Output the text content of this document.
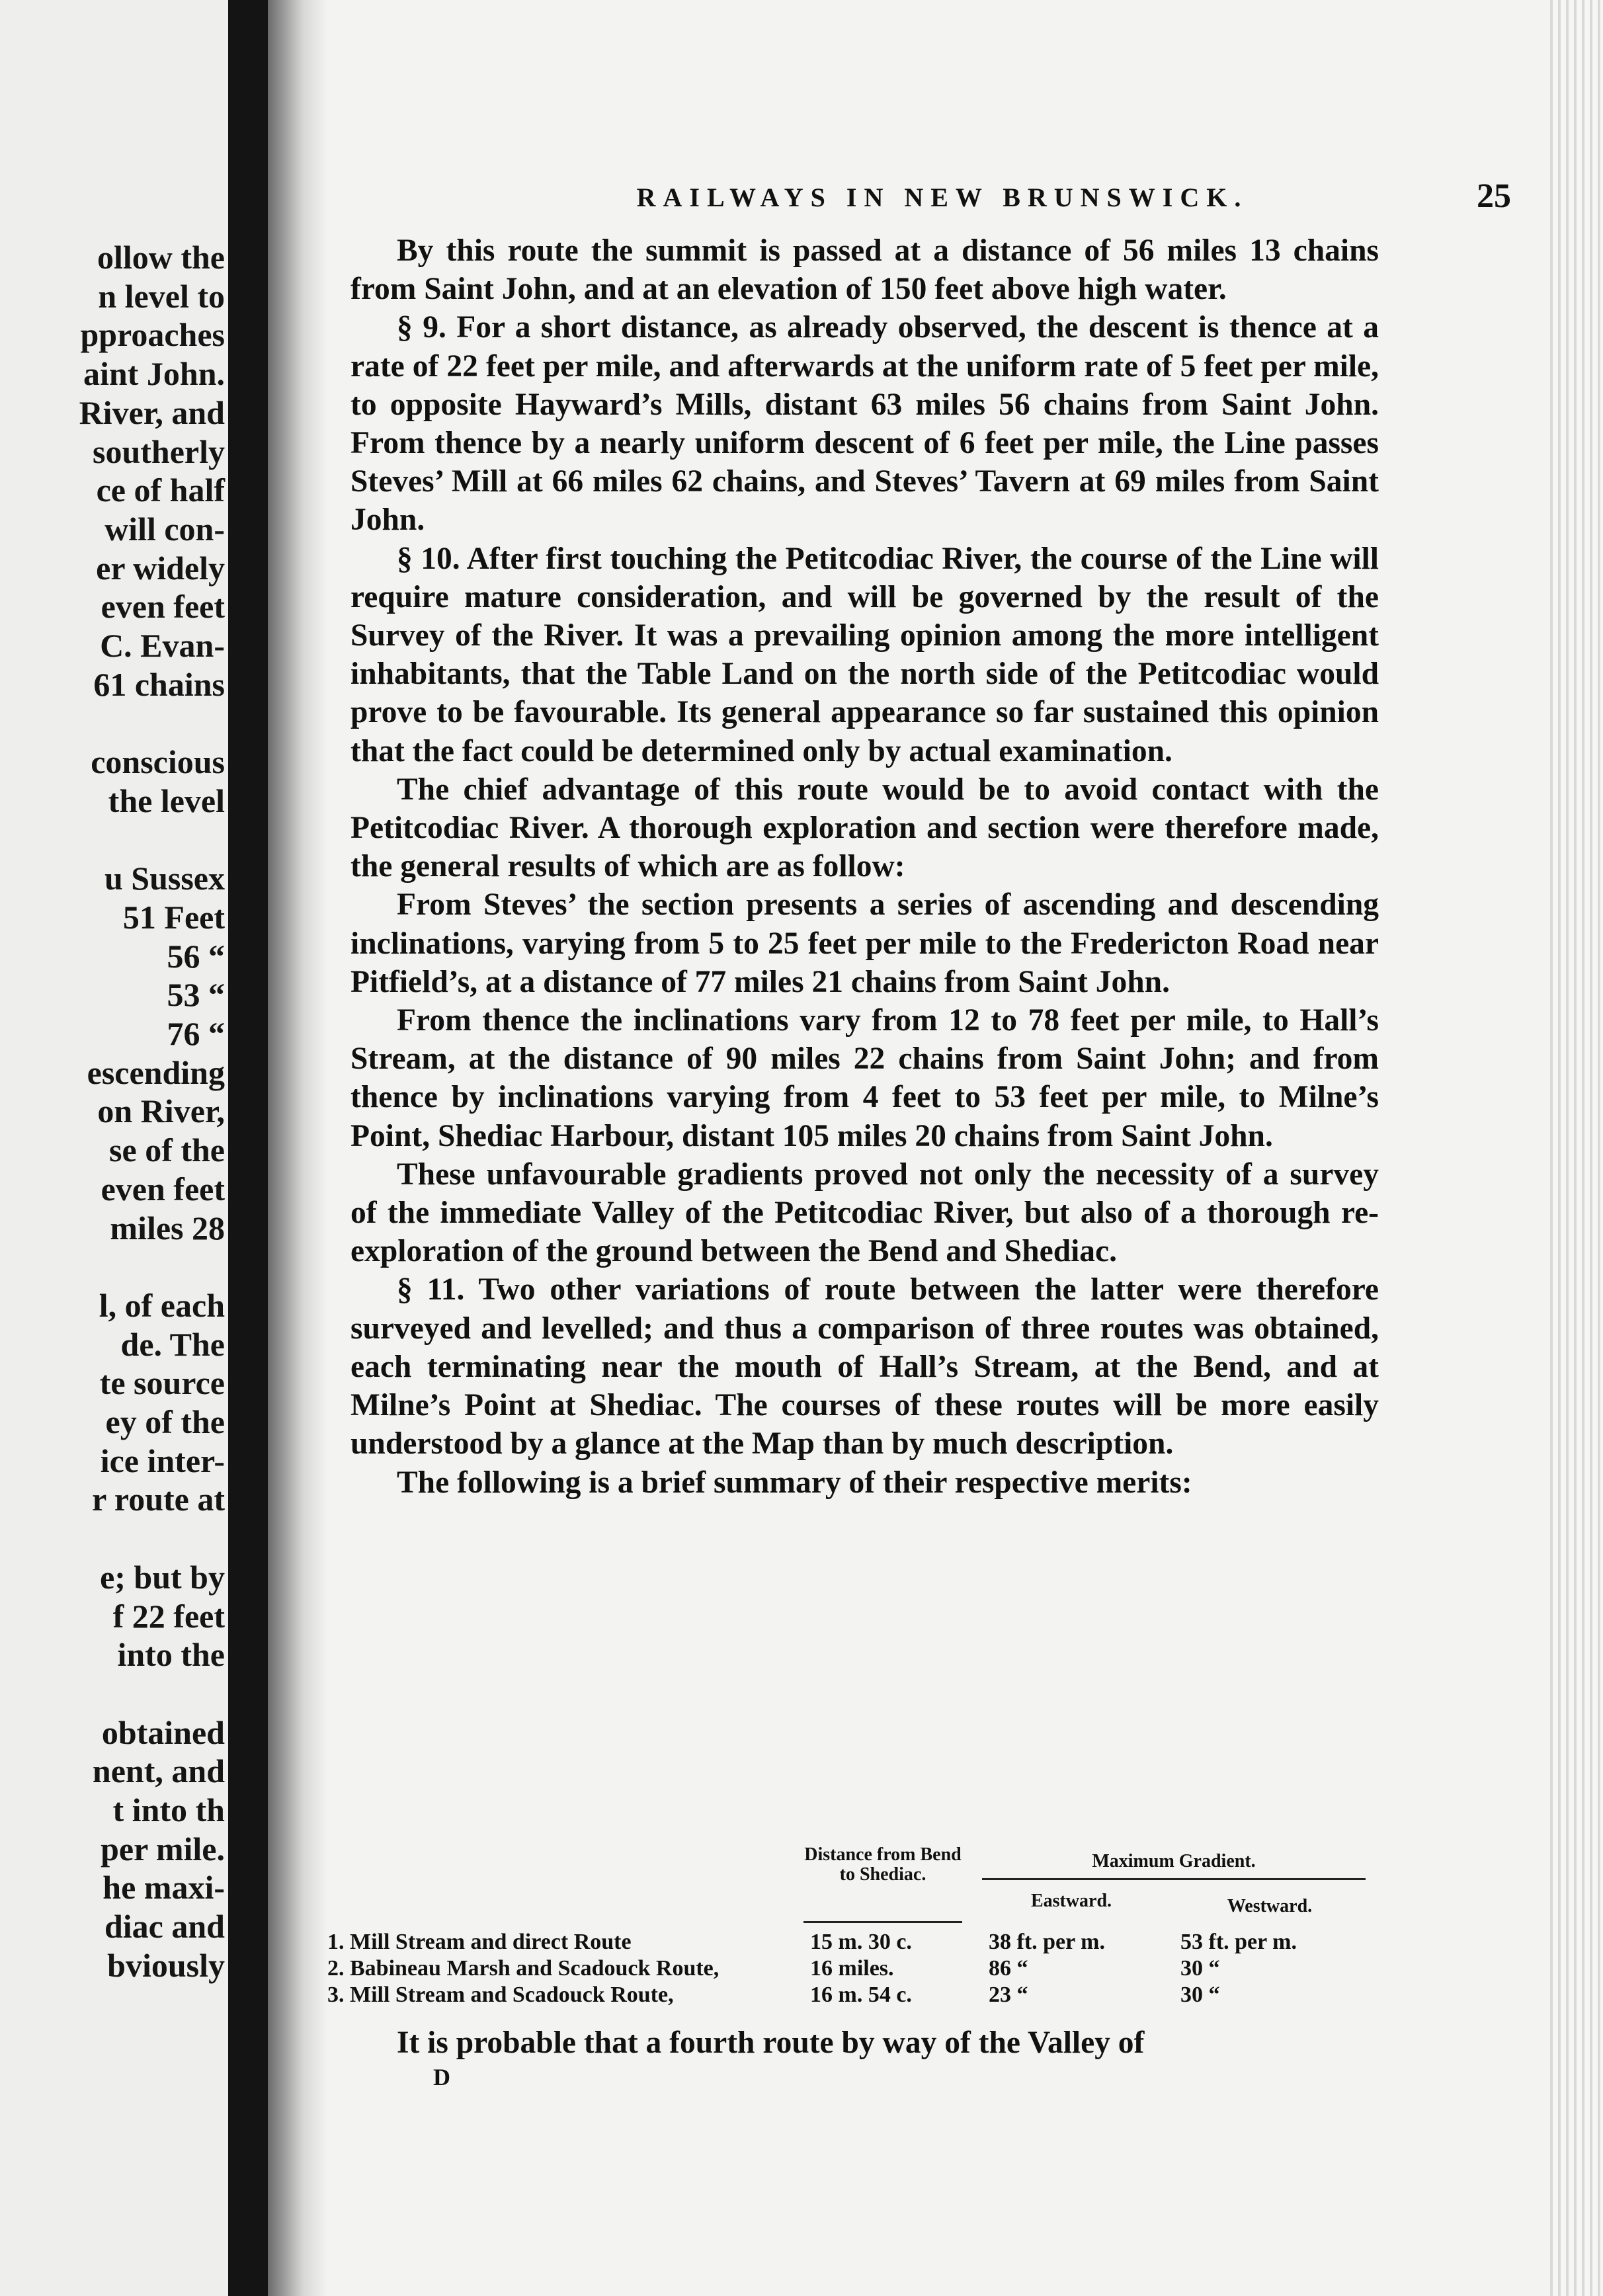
ollow the
n level to
pproaches
aint John.
River, and
southerly
ce of half
will con-
er widely
even feet
C. Evan-
61 chains
conscious
the level
u Sussex
51 Feet
56 “
53 “
76 “
escending
on River,
se of the
even feet
miles 28
l, of each
de. The
te source
ey of the
ice inter-
r route at
e; but by
f 22 feet
into the
obtained
nent, and
t into th
per mile.
he maxi-
diac and
bviously
RAILWAYS IN NEW BRUNSWICK.	25

By this route the summit is passed at a distance of 56 miles 13 chains from Saint John, and at an elevation of 150 feet above high water.

§ 9. For a short distance, as already observed, the descent is thence at a rate of 22 feet per mile, and afterwards at the uniform rate of 5 feet per mile, to opposite Hayward’s Mills, distant 63 miles 56 chains from Saint John. From thence by a nearly uniform descent of 6 feet per mile, the Line passes Steves’ Mill at 66 miles 62 chains, and Steves’ Tavern at 69 miles from Saint John.

§ 10. After first touching the Petitcodiac River, the course of the Line will require mature consideration, and will be governed by the result of the Survey of the River. It was a prevailing opinion among the more intelligent inhabitants, that the Table Land on the north side of the Petitcodiac would prove to be favourable. Its general appearance so far sustained this opinion that the fact could be determined only by actual examination.

The chief advantage of this route would be to avoid contact with the Petitcodiac River. A thorough exploration and section were therefore made, the general results of which are as follow:

From Steves’ the section presents a series of ascending and descending inclinations, varying from 5 to 25 feet per mile to the Fredericton Road near Pitfield’s, at a distance of 77 miles 21 chains from Saint John.

From thence the inclinations vary from 12 to 78 feet per mile, to Hall’s Stream, at the distance of 90 miles 22 chains from Saint John; and from thence by inclinations varying from 4 feet to 53 feet per mile, to Milne’s Point, Shediac Harbour, distant 105 miles 20 chains from Saint John.

These unfavourable gradients proved not only the necessity of a survey of the immediate Valley of the Petitcodiac River, but also of a thorough re-exploration of the ground between the Bend and Shediac.

§ 11. Two other variations of route between the latter were therefore surveyed and levelled; and thus a comparison of three routes was obtained, each terminating near the mouth of Hall’s Stream, at the Bend, and at Milne’s Point at Shediac. The courses of these routes will be more easily understood by a glance at the Map than by much description.

The following is a brief summary of their respective merits:

Distance from Bend to Shediac.
Maximum Gradient.
Eastward.	Westward.
1. Mill Stream and direct Route	15 m. 30 c.	38 ft. per m.	53 ft. per m.
2. Babineau Marsh and Scadouck Route,	16 miles.	86 “	30 “
3. Mill Stream and Scadouck Route,	16 m. 54 c.	23 “	30 “
It is probable that a fourth route by way of the Valley of
D
